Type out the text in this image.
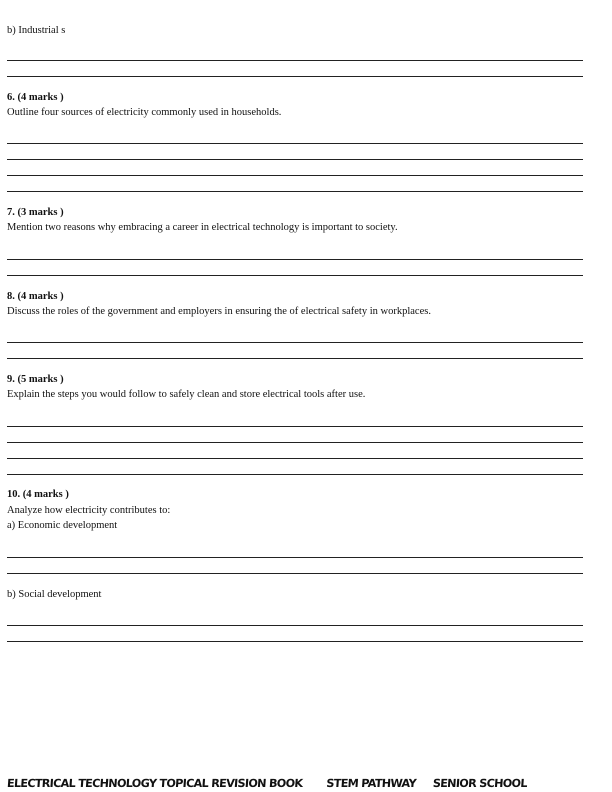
b) Industrial s
6. (4 marks )
Outline four sources of electricity commonly used in households.
7. (3 marks )
Mention two reasons why embracing a career in electrical technology is important to society.
8. (4 marks )
Discuss the roles of the government and employers in ensuring the of electrical safety in workplaces.
9. (5 marks )
Explain the steps you would follow to safely clean and store electrical tools after use.
10. (4 marks )
Analyze how electricity contributes to:
a) Economic development
b) Social development
ELECTRICAL TECHNOLOGY TOPICAL REVISION BOOK STEM PATHWAY SENIOR SCHOOL
